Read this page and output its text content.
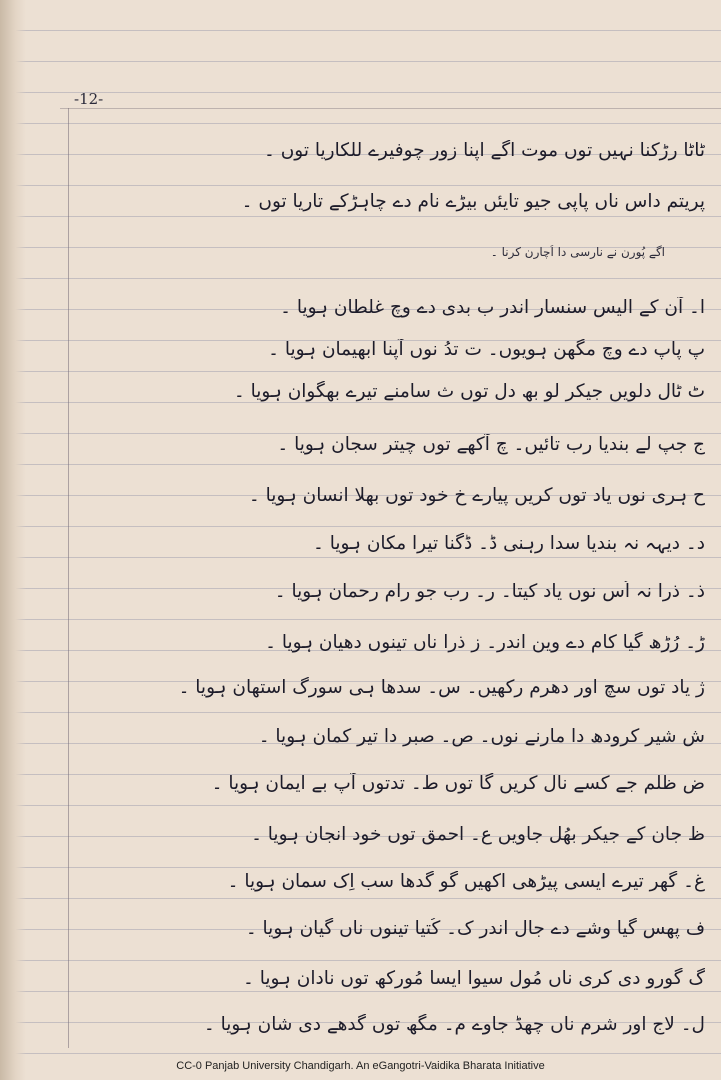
-12-
ٹاٹا رڑکنا نہیں توں موت اگے اپنا زور چوفیرے للکاریا توں ۔
پریتم داس ناں پاپی جیو تایئں بیڑے نام دے چاہڑکے تاریا توں ۔
اگے پُورن نے نارسی دا اُچارن کرنا ۔
ا۔ آن کے الیس سنسار اندر ب بدی دے وِچ غلطان ہویا ۔
پ پاپ دے وِچ مگھن ہویوں۔ ت تدُ نوں آپنا ابھیمان ہویا ۔
ٹ ٹال دلویں جیکر لو بھ دل توں ث سامنے تیرے بھگوان ہویا ۔
ج جپ لے بندیا رب تائیں۔ چ آکھے توں چیتر سجان ہویا ۔
ح ہری نوں یاد توں کریں پیارے خ خود توں بھلا انسان ہویا ۔
د۔ دیہہ نہ بندیا سدا رہنی ڈ۔ ڈگنا تیرا مکان ہویا ۔
ذ۔ ذرا نہ اُس نوں یاد کیتا۔ ر۔ رب جو رام رحمان ہویا ۔
ڑ۔ رُڑھ گیا کام دے وین اندر۔ ز ذرا ناں تینوں دھیان ہویا ۔
ژ یاد توں سچ اور دھرم رکھیں۔ س۔ سدھا ہی سورگ استھان ہویا ۔
ش شیر کرودھ دا مارنے نوں۔ ص۔ صبر دا تیر کمان ہویا ۔
ض ظلم جے کسے نال کریں گا توں ط۔ تدتوں آپ بے ایمان ہویا ۔
ظ جان کے جیکر بھُل جاویں ع۔ احمق توں خود انجان ہویا ۔
غ۔ گھر تیرے ایسی پیڑھی اکھیں گو گدھا سب اِک سمان ہویا ۔
ف پھس گیا وِشے دے جال اندر ک۔ کُتیا تینوں ناں گیان ہویا ۔
گ گورو دی کری ناں مُول سیوا ایسا مُورکھ توں نادان ہویا ۔
ل۔ لاج اور شرم ناں چھڈ جاوے م۔ مگھ توں گدھے دی شان ہویا ۔
CC-0 Panjab University Chandigarh. An eGangotri-Vaidika Bharata Initiative
